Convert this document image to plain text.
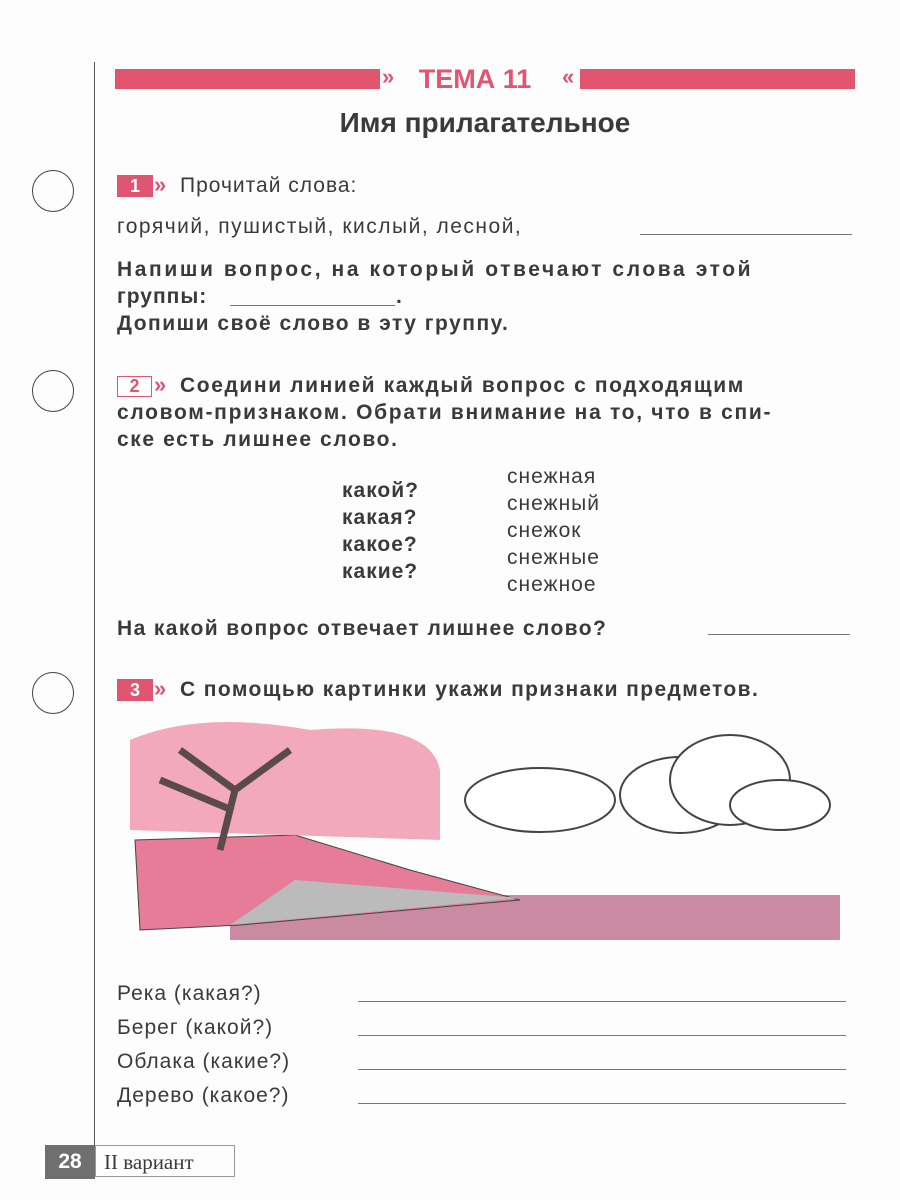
» ТЕМА 11	«
Имя прилагательное
1 » Прочитай слова:
горячий, пушистый, кислый, лесной,
Напиши вопрос, на который отвечают слова этой
группы:	.
Допиши своё слово в эту группу.
2 » Соедини линией каждый вопрос с подходящим
словом-признаком. Обрати внимание на то, что в спи-
ске есть лишнее слово.
какой?
какая?
какое?
какие?
снежная
снежный
снежок
снежные
снежное
На какой вопрос отвечает лишнее слово?
3 » С помощью картинки укажи признаки предметов.
Река (какая?)
Берег (какой?)
Облака (какие?)
Дерево (какое?)
28	II вариант
